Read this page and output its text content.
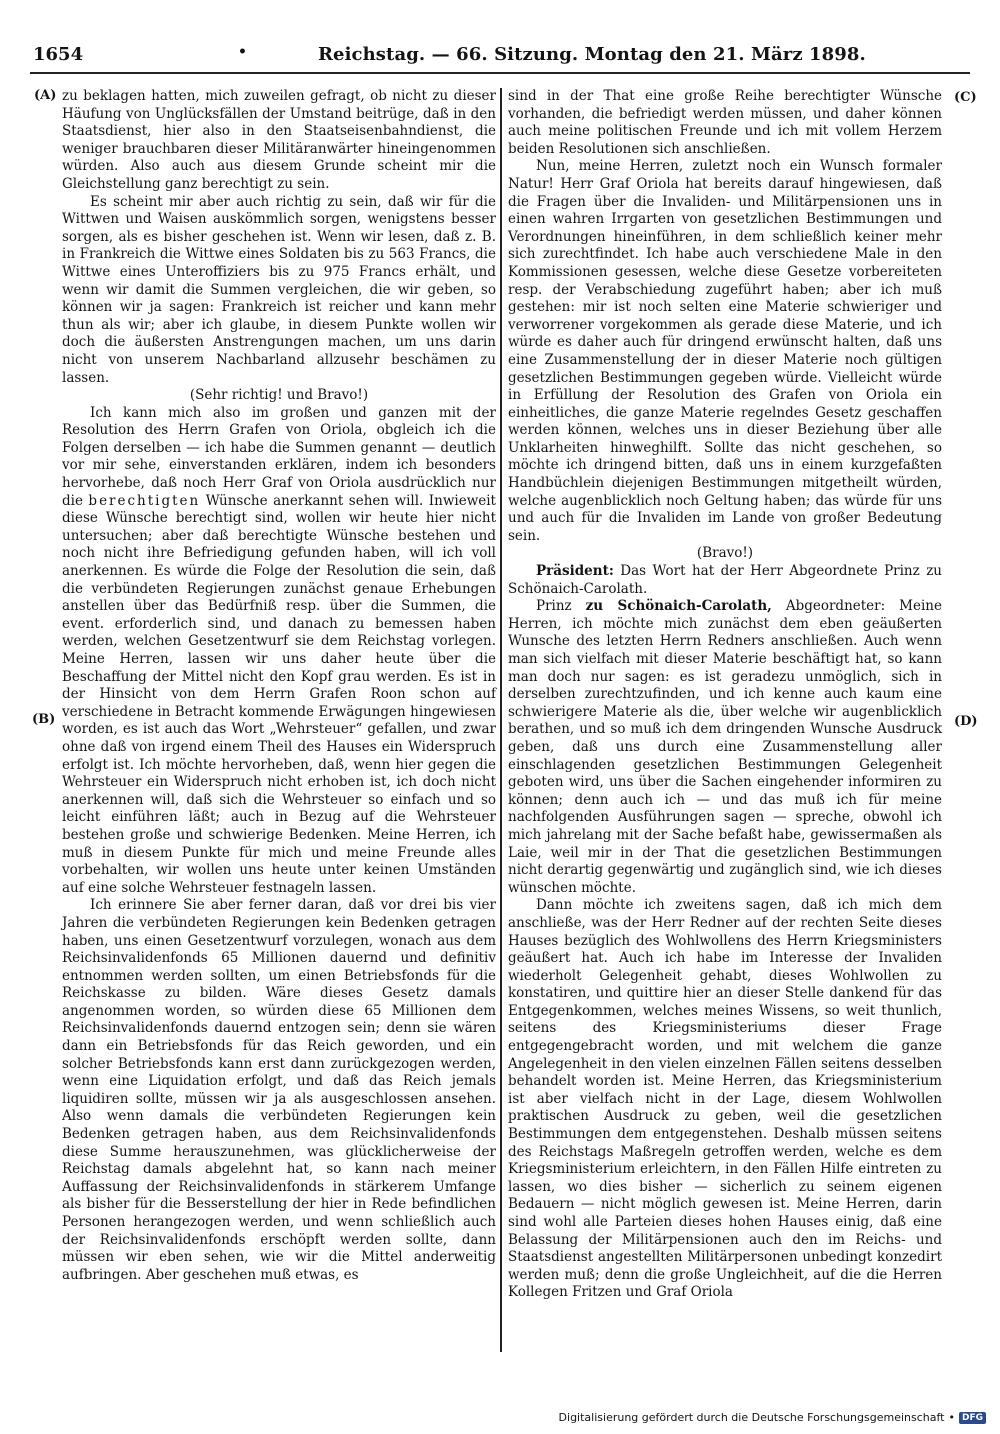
1654	•	Reichstag. — 66. Sitzung. Montag den 21. März 1898.
(A)
(B)
(C)
(D)

zu beklagen hatten, mich zuweilen gefragt, ob nicht zu dieser Häufung von Unglücksfällen der Umstand beitrüge, daß in den Staatsdienst, hier also in den Staatseisenbahndienst, die weniger brauchbaren dieser Militäranwärter hineingenommen würden. Also auch aus diesem Grunde scheint mir die Gleichstellung ganz berechtigt zu sein.

Es scheint mir aber auch richtig zu sein, daß wir für die Wittwen und Waisen auskömmlich sorgen, wenigstens besser sorgen, als es bisher geschehen ist. Wenn wir lesen, daß z. B. in Frankreich die Wittwe eines Soldaten bis zu 563 Francs, die Wittwe eines Unteroffiziers bis zu 975 Francs erhält, und wenn wir damit die Summen vergleichen, die wir geben, so können wir ja sagen: Frankreich ist reicher und kann mehr thun als wir; aber ich glaube, in diesem Punkte wollen wir doch die äußersten Anstrengungen machen, um uns darin nicht von unserem Nachbarland allzusehr beschämen zu lassen.

(Sehr richtig! und Bravo!)

Ich kann mich also im großen und ganzen mit der Resolution des Herrn Grafen von Oriola, obgleich ich die Folgen derselben — ich habe die Summen genannt — deutlich vor mir sehe, einverstanden erklären, indem ich besonders hervorhebe, daß noch Herr Graf von Oriola ausdrücklich nur die berechtigten Wünsche anerkannt sehen will. Inwieweit diese Wünsche berechtigt sind, wollen wir heute hier nicht untersuchen; aber daß berechtigte Wünsche bestehen und noch nicht ihre Befriedigung gefunden haben, will ich voll anerkennen. Es würde die Folge der Resolution die sein, daß die verbündeten Regierungen zunächst genaue Erhebungen anstellen über das Bedürfniß resp. über die Summen, die event. erforderlich sind, und danach zu bemessen haben werden, welchen Gesetzentwurf sie dem Reichstag vorlegen. Meine Herren, lassen wir uns daher heute über die Beschaffung der Mittel nicht den Kopf grau werden. Es ist in der Hinsicht von dem Herrn Grafen Roon schon auf verschiedene in Betracht kommende Erwägungen hingewiesen worden, es ist auch das Wort „Wehrsteuer“ gefallen, und zwar ohne daß von irgend einem Theil des Hauses ein Widerspruch erfolgt ist. Ich möchte hervorheben, daß, wenn hier gegen die Wehrsteuer ein Widerspruch nicht erhoben ist, ich doch nicht anerkennen will, daß sich die Wehrsteuer so einfach und so leicht einführen läßt; auch in Bezug auf die Wehrsteuer bestehen große und schwierige Bedenken. Meine Herren, ich muß in diesem Punkte für mich und meine Freunde alles vorbehalten, wir wollen uns heute unter keinen Umständen auf eine solche Wehrsteuer festnageln lassen.

Ich erinnere Sie aber ferner daran, daß vor drei bis vier Jahren die verbündeten Regierungen kein Bedenken getragen haben, uns einen Gesetzentwurf vorzulegen, wonach aus dem Reichsinvalidenfonds 65 Millionen dauernd und definitiv entnommen werden sollten, um einen Betriebsfonds für die Reichskasse zu bilden. Wäre dieses Gesetz damals angenommen worden, so würden diese 65 Millionen dem Reichsinvalidenfonds dauernd entzogen sein; denn sie wären dann ein Betriebsfonds für das Reich geworden, und ein solcher Betriebsfonds kann erst dann zurückgezogen werden, wenn eine Liquidation erfolgt, und daß das Reich jemals liquidiren sollte, müssen wir ja als ausgeschlossen ansehen. Also wenn damals die verbündeten Regierungen kein Bedenken getragen haben, aus dem Reichsinvalidenfonds diese Summe herauszunehmen, was glücklicherweise der Reichstag damals abgelehnt hat, so kann nach meiner Auffassung der Reichsinvalidenfonds in stärkerem Umfange als bisher für die Besserstellung der hier in Rede befindlichen Personen herangezogen werden, und wenn schließlich auch der Reichsinvalidenfonds erschöpft werden sollte, dann müssen wir eben sehen, wie wir die Mittel anderweitig aufbringen. Aber geschehen muß etwas, es

sind in der That eine große Reihe berechtigter Wünsche vorhanden, die befriedigt werden müssen, und daher können auch meine politischen Freunde und ich mit vollem Herzem beiden Resolutionen sich anschließen.

Nun, meine Herren, zuletzt noch ein Wunsch formaler Natur! Herr Graf Oriola hat bereits darauf hingewiesen, daß die Fragen über die Invaliden- und Militärpensionen uns in einen wahren Irrgarten von gesetzlichen Bestimmungen und Verordnungen hineinführen, in dem schließlich keiner mehr sich zurechtfindet. Ich habe auch verschiedene Male in den Kommissionen gesessen, welche diese Gesetze vorbereiteten resp. der Verabschiedung zugeführt haben; aber ich muß gestehen: mir ist noch selten eine Materie schwieriger und verworrener vorgekommen als gerade diese Materie, und ich würde es daher auch für dringend erwünscht halten, daß uns eine Zusammenstellung der in dieser Materie noch gültigen gesetzlichen Bestimmungen gegeben würde. Vielleicht würde in Erfüllung der Resolution des Grafen von Oriola ein einheitliches, die ganze Materie regelndes Gesetz geschaffen werden können, welches uns in dieser Beziehung über alle Unklarheiten hinweghilft. Sollte das nicht geschehen, so möchte ich dringend bitten, daß uns in einem kurzgefaßten Handbüchlein diejenigen Bestimmungen mitgetheilt würden, welche augenblicklich noch Geltung haben; das würde für uns und auch für die Invaliden im Lande von großer Bedeutung sein.

(Bravo!)

Präsident: Das Wort hat der Herr Abgeordnete Prinz zu Schönaich-Carolath.

Prinz zu Schönaich-Carolath, Abgeordneter: Meine Herren, ich möchte mich zunächst dem eben geäußerten Wunsche des letzten Herrn Redners anschließen. Auch wenn man sich vielfach mit dieser Materie beschäftigt hat, so kann man doch nur sagen: es ist geradezu unmöglich, sich in derselben zurechtzufinden, und ich kenne auch kaum eine schwierigere Materie als die, über welche wir augenblicklich berathen, und so muß ich dem dringenden Wunsche Ausdruck geben, daß uns durch eine Zusammenstellung aller einschlagenden gesetzlichen Bestimmungen Gelegenheit geboten wird, uns über die Sachen eingehender informiren zu können; denn auch ich — und das muß ich für meine nachfolgenden Ausführungen sagen — spreche, obwohl ich mich jahrelang mit der Sache befaßt habe, gewissermaßen als Laie, weil mir in der That die gesetzlichen Bestimmungen nicht derartig gegenwärtig und zugänglich sind, wie ich dieses wünschen möchte.

Dann möchte ich zweitens sagen, daß ich mich dem anschließe, was der Herr Redner auf der rechten Seite dieses Hauses bezüglich des Wohlwollens des Herrn Kriegsministers geäußert hat. Auch ich habe im Interesse der Invaliden wiederholt Gelegenheit gehabt, dieses Wohlwollen zu konstatiren, und quittire hier an dieser Stelle dankend für das Entgegenkommen, welches meines Wissens, so weit thunlich, seitens des Kriegsministeriums dieser Frage entgegengebracht worden, und mit welchem die ganze Angelegenheit in den vielen einzelnen Fällen seitens desselben behandelt worden ist. Meine Herren, das Kriegsministerium ist aber vielfach nicht in der Lage, diesem Wohlwollen praktischen Ausdruck zu geben, weil die gesetzlichen Bestimmungen dem entgegenstehen. Deshalb müssen seitens des Reichstags Maßregeln getroffen werden, welche es dem Kriegsministerium erleichtern, in den Fällen Hilfe eintreten zu lassen, wo dies bisher — sicherlich zu seinem eigenen Bedauern — nicht möglich gewesen ist. Meine Herren, darin sind wohl alle Parteien dieses hohen Hauses einig, daß eine Belassung der Militärpensionen auch den im Reichs- und Staatsdienst angestellten Militärpersonen unbedingt konzedirt werden muß; denn die große Ungleichheit, auf die die Herren Kollegen Fritzen und Graf Oriola

Digitalisierung gefördert durch die Deutsche Forschungsgemeinschaft • DFG
